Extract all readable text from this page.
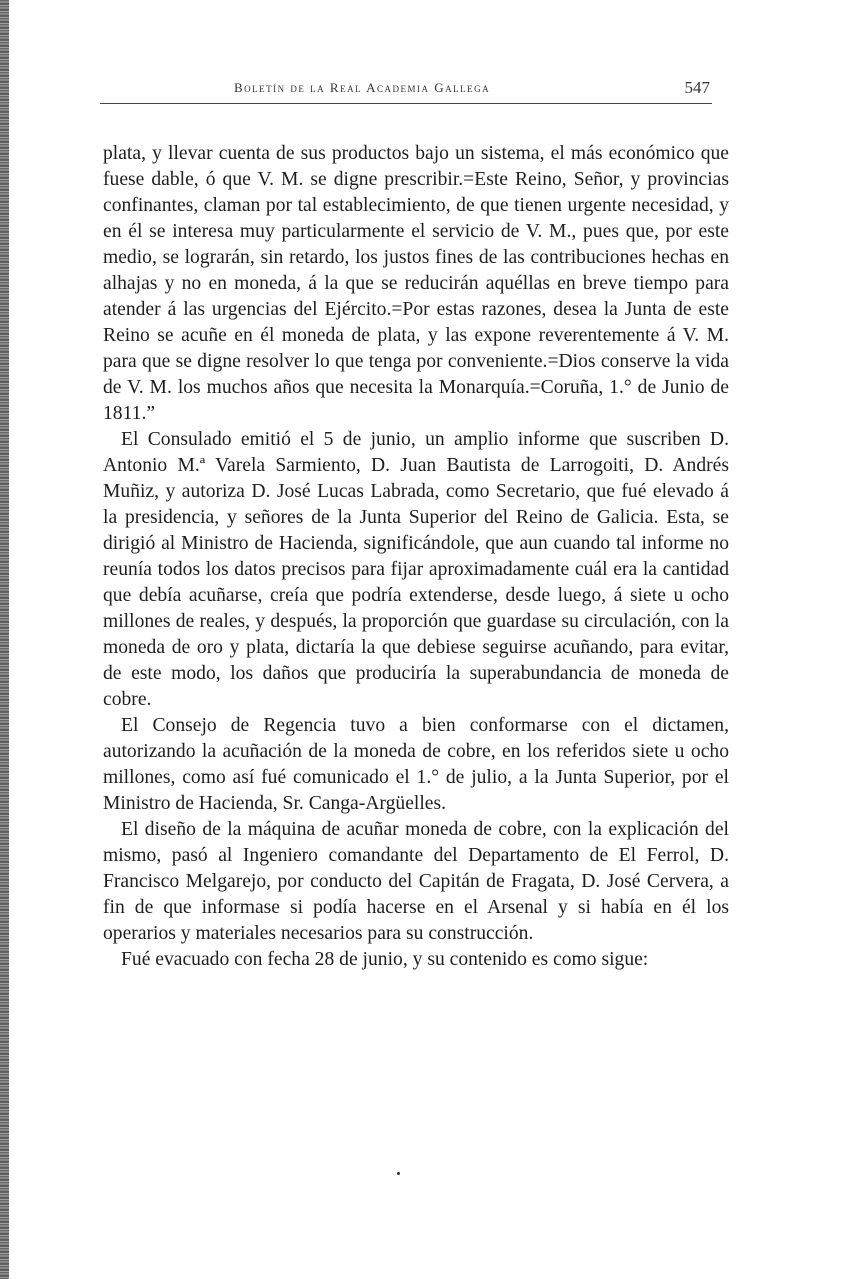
Boletín de la Real Academia Gallega	547

plata, y llevar cuenta de sus productos bajo un sistema, el más económico que fuese dable, ó que V. M. se digne prescribir.=Este Reino, Señor, y provincias confinantes, claman por tal establecimiento, de que tienen urgente necesidad, y en él se interesa muy particularmente el servicio de V. M., pues que, por este medio, se lograrán, sin retardo, los justos fines de las contribuciones hechas en alhajas y no en moneda, á la que se reducirán aquéllas en breve tiempo para atender á las urgencias del Ejército.=Por estas razones, desea la Junta de este Reino se acuñe en él moneda de plata, y las expone reverentemente á V. M. para que se digne resolver lo que tenga por conveniente.=Dios conserve la vida de V. M. los muchos años que necesita la Monarquía.=Coruña, 1.° de Junio de 1811.”

El Consulado emitió el 5 de junio, un amplio informe que suscriben D. Antonio M.ª Varela Sarmiento, D. Juan Bautista de Larrogoiti, D. Andrés Muñiz, y autoriza D. José Lucas Labrada, como Secretario, que fué elevado á la presidencia, y señores de la Junta Superior del Reino de Galicia. Esta, se dirigió al Ministro de Hacienda, significándole, que aun cuando tal informe no reunía todos los datos precisos para fijar aproximadamente cuál era la cantidad que debía acuñarse, creía que podría extenderse, desde luego, á siete u ocho millones de reales, y después, la proporción que guardase su circulación, con la moneda de oro y plata, dictaría la que debiese seguirse acuñando, para evitar, de este modo, los daños que produciría la superabundancia de moneda de cobre.

El Consejo de Regencia tuvo a bien conformarse con el dictamen, autorizando la acuñación de la moneda de cobre, en los referidos siete u ocho millones, como así fué comunicado el 1.° de julio, a la Junta Superior, por el Ministro de Hacienda, Sr. Canga-Argüelles.

El diseño de la máquina de acuñar moneda de cobre, con la explicación del mismo, pasó al Ingeniero comandante del Departamento de El Ferrol, D. Francisco Melgarejo, por conducto del Capitán de Fragata, D. José Cervera, a fin de que informase si podía hacerse en el Arsenal y si había en él los operarios y materiales necesarios para su construcción.

Fué evacuado con fecha 28 de junio, y su contenido es como sigue:
